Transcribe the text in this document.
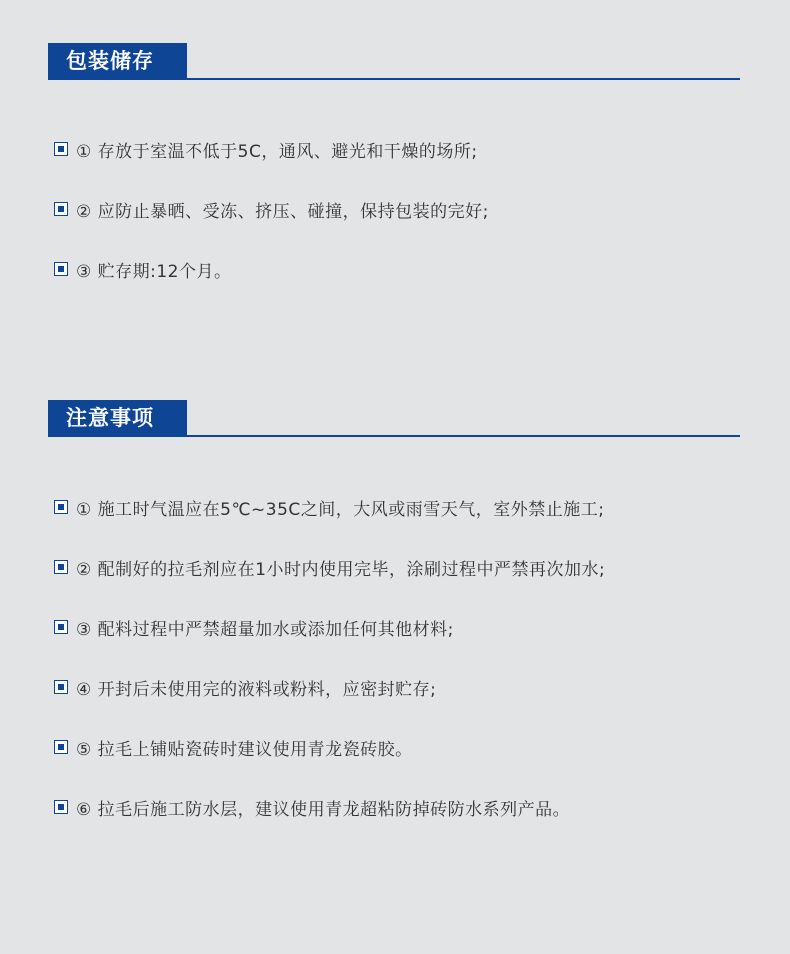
包装储存
① 存放于室温不低于5C，通风、避光和干燥的场所;
② 应防止暴晒、受冻、挤压、碰撞，保持包装的完好;
③ 贮存期:12个月。
注意事项
① 施工时气温应在5℃~35C之间，大风或雨雪天气，室外禁止施工;
② 配制好的拉毛剂应在1小时内使用完毕，涂刷过程中严禁再次加水;
③ 配料过程中严禁超量加水或添加任何其他材料;
④ 开封后未使用完的液料或粉料，应密封贮存;
⑤ 拉毛上铺贴瓷砖时建议使用青龙瓷砖胶。
⑥ 拉毛后施工防水层，建议使用青龙超粘防掉砖防水系列产品。
